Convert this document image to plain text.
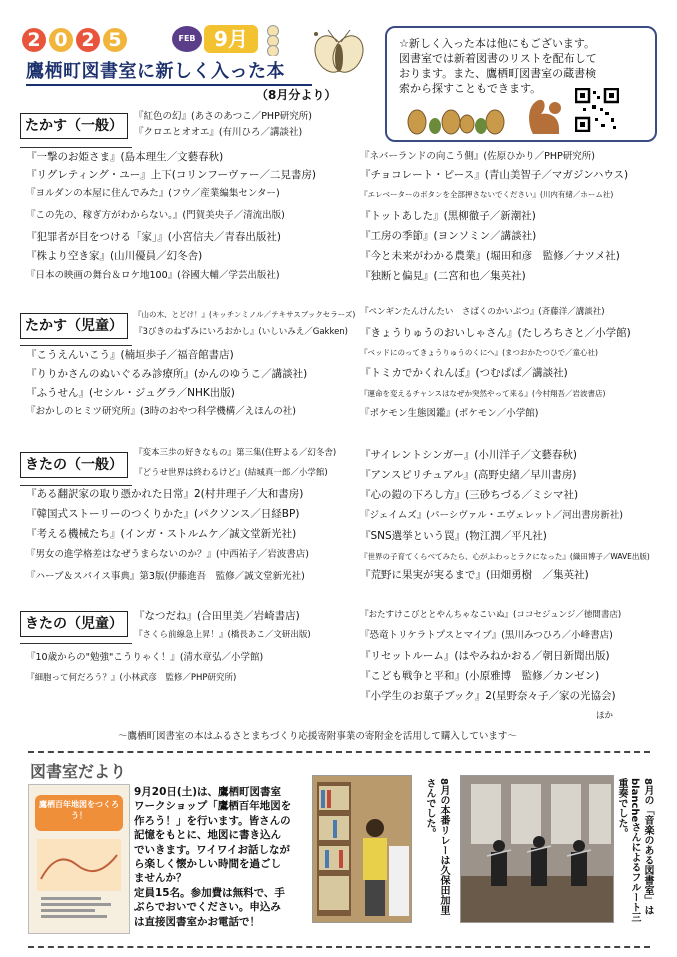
2 0 2 5	FEB 9月
鷹栖町図書室に新しく入った本
（8月分より）
☆新しく入った本は他にもございます。
図書室では新着図書のリストを配布して
おります。また、鷹栖町図書室の蔵書検
索から探すこともできます。
たかす（一般）
『紅色の幻』(あさのあつこ／PHP研究所)
『クロエとオオエ』(有川ひろ／講談社)
『一撃のお姫さま』(島本理生／文藝春秋)
『リグレティング・ユー』上下(コリンフーヴァー／二見書房)
『ヨルダンの本屋に住んでみた』(フウ／産業編集センター)
『この先の、稼ぎ方がわからない。』(門賀美央子／清流出版)
『犯罪者が目をつける「家」』(小宮信夫／青春出版社)
『株より空き家』(山川優員／幻冬舎)
『日本の映画の舞台＆ロケ地100』(谷國大輔／学芸出版社)
『ネバーランドの向こう側』(佐原ひかり／PHP研究所)
『チョコレート・ピース』(青山美智子／マガジンハウス)
『エレベーターのボタンを全部押さないでください』(川内有緒／ホーム社)
『トットあした』(黒柳徹子／新潮社)
『工房の季節』(ヨンソミン／講談社)
『今と未来がわかる農業』(堀田和彦　監修／ナツメ社)
『独断と偏見』(二宮和也／集英社)
たかす（児童）
『山の木、とどけ！』(キッチンミノル／テキサスブックセラーズ)
『3びきのねずみにいろおかし』(いしいみえ／Gakken)
『こうえんいこう』(楠垣歩子／福音館書店)
『りりかさんのぬいぐるみ診療所』(かんのゆうこ／講談社)
『ふうせん』(セシル・ジュグラ／NHK出版)
『おかしのヒミツ研究所』(3時のおやつ科学機構／えほんの社)
『ペンギンたんけんたい　さばくのかいぶつ』(斉藤洋／講談社)
『きょうりゅうのおいしゃさん』(たしろちさと／小学館)
『ベッドにのってきょうりゅうのくにへ』(まつおかたつひで／童心社)
『トミカでかくれんぼ』(つむぱぱ／講談社)
『運命を変えるチャンスはなぜか突然やって来る』(今村翔吾／岩波書店)
『ポケモン生態図鑑』(ポケモン／小学館)
きたの（一般）
『変本三歩の好きなもの』第三集(住野よる／幻冬舎)
『どうせ世界は終わるけど』(結城真一郎／小学館)
『ある翻訳家の取り憑かれた日常』2(村井理子／大和書房)
『韓国式ストーリーのつくりかた』(パクソンス／日経BP)
『考える機械たち』(インガ・ストルムケ／誠文堂新光社)
『男女の進学格差はなぜうまらないのか？』(中西祐子／岩波書店)
『ハーブ＆スパイス事典』第3版(伊藤進吾　監修／誠文堂新光社)
『サイレントシンガー』(小川洋子／文藝春秋)
『アンスピリチュアル』(高野史緒／早川書房)
『心の鎧の下ろし方』(三砂ちづる／ミシマ社)
『ジェイムズ』(パーシヴァル・エヴェレット／河出書房新社)
『SNS選挙という罠』(物江潤／平凡社)
『世界の子育てくらべてみたら、心がふわっとラクになった』(織田博子／WAVE出版)
『荒野に果実が実るまで』(田畑勇樹　／集英社)
きたの（児童）	『なつだね』(合田里美／岩崎書店)
『さくら前線急上昇！』(橋長あこ／文研出版)
『10歳からの"勉強"こうりゃく！』(清水章弘／小学館)
『細胞って何だろう？』(小林武彦　監修／PHP研究所)
『おたすけこびととやんちゃなこいぬ』(ココセジュンジ／徳間書店)
『恐竜トリケラトプスとマイブ』(黒川みつひろ／小峰書店)
『リセットルーム』(はやみねかおる／朝日新聞出版)
『こども戦争と平和』(小原雅博　監修／カンゼン)
『小学生のお菓子ブック』2(星野奈々子／家の光協会)
ほか
～鷹栖町図書室の本はふるさとまちづくり応援寄附事業の寄附金を活用して購入しています～
図書室だより
鷹栖百年地図をつくろう！
9月20日(土)は、鷹栖町図書室
ワークショップ「鷹栖百年地図を
作ろう！」を行います。皆さんの
記憶をもとに、地図に書き込ん
でいきます。ワイワイお話しなが
ら楽しく懐かしい時間を過ごし
ませんか？
定員15名。参加費は無料で、手
ぶらでおいでください。申込み
は直接図書室かお電話で！
8月の本番リレーは久保田加里さんでした。	8月の「音楽のある図書室」はblancheさんによるフルート三重奏でした。
